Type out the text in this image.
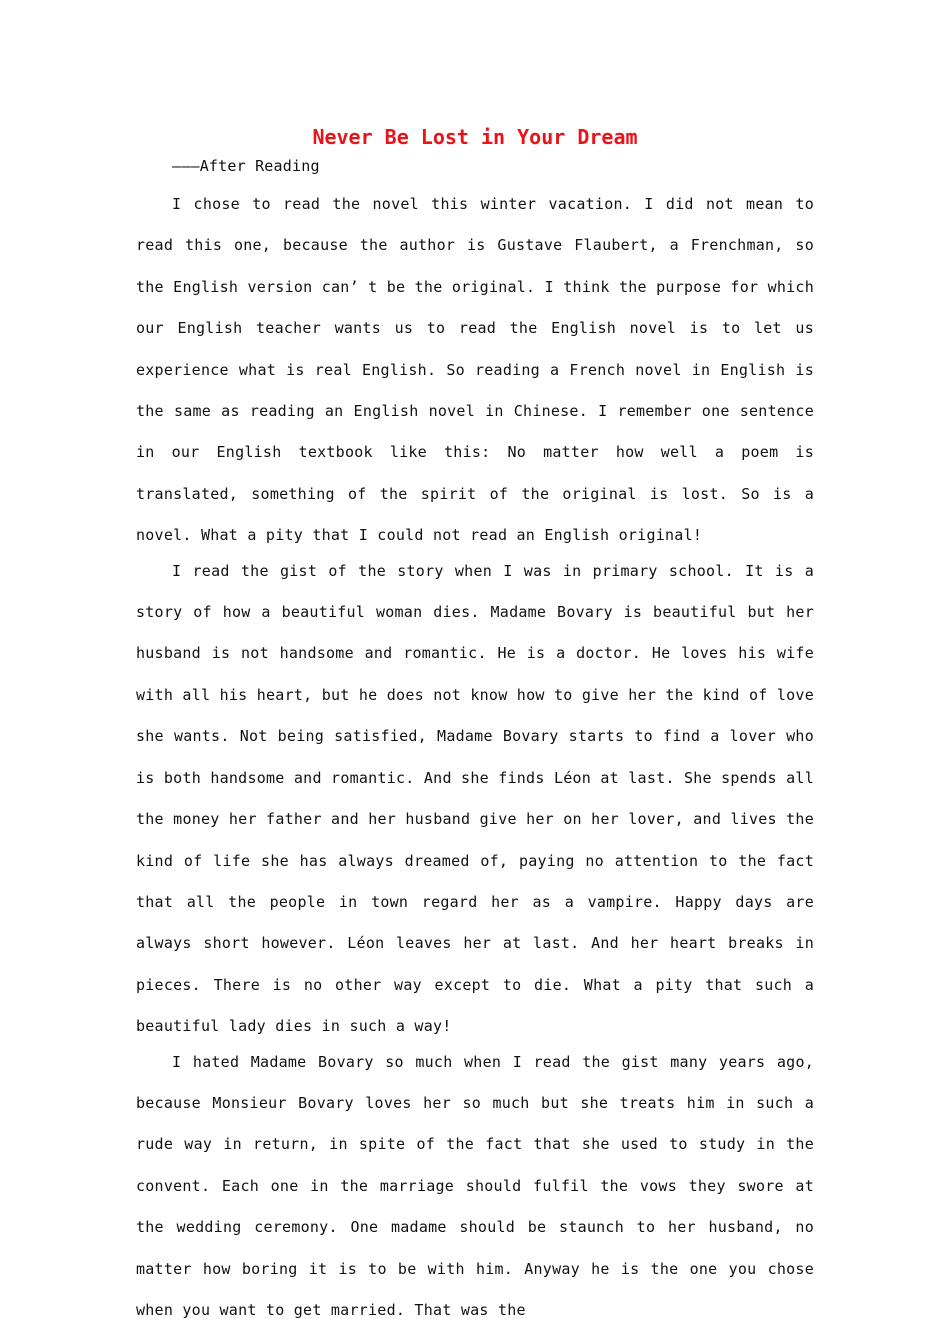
Never Be Lost in Your Dream
———After Reading

I chose to read the novel this winter vacation. I did not mean to read this one, because the author is Gustave Flaubert, a Frenchman, so the English version can’ t be the original. I think the purpose for which our English teacher wants us to read the English novel is to let us experience what is real English. So reading a French novel in English is the same as reading an English novel in Chinese. I remember one sentence in our English textbook like this: No matter how well a poem is translated, something of the spirit of the original is lost. So is a novel. What a pity that I could not read an English original!

I read the gist of the story when I was in primary school. It is a story of how a beautiful woman dies. Madame Bovary is beautiful but her husband is not handsome and romantic. He is a doctor. He loves his wife with all his heart, but he does not know how to give her the kind of love she wants. Not being satisfied, Madame Bovary starts to find a lover who is both handsome and romantic. And she finds Léon at last. She spends all the money her father and her husband give her on her lover, and lives the kind of life she has always dreamed of, paying no attention to the fact that all the people in town regard her as a vampire. Happy days are always short however. Léon leaves her at last. And her heart breaks in pieces. There is no other way except to die. What a pity that such a beautiful lady dies in such a way!

I hated Madame Bovary so much when I read the gist many years ago, because Monsieur Bovary loves her so much but she treats him in such a rude way in return, in spite of the fact that she used to study in the convent. Each one in the marriage should fulfil the vows they swore at the wedding ceremony. One madame should be staunch to her husband, no matter how boring it is to be with him. Anyway he is the one you chose when you want to get married. That was the
